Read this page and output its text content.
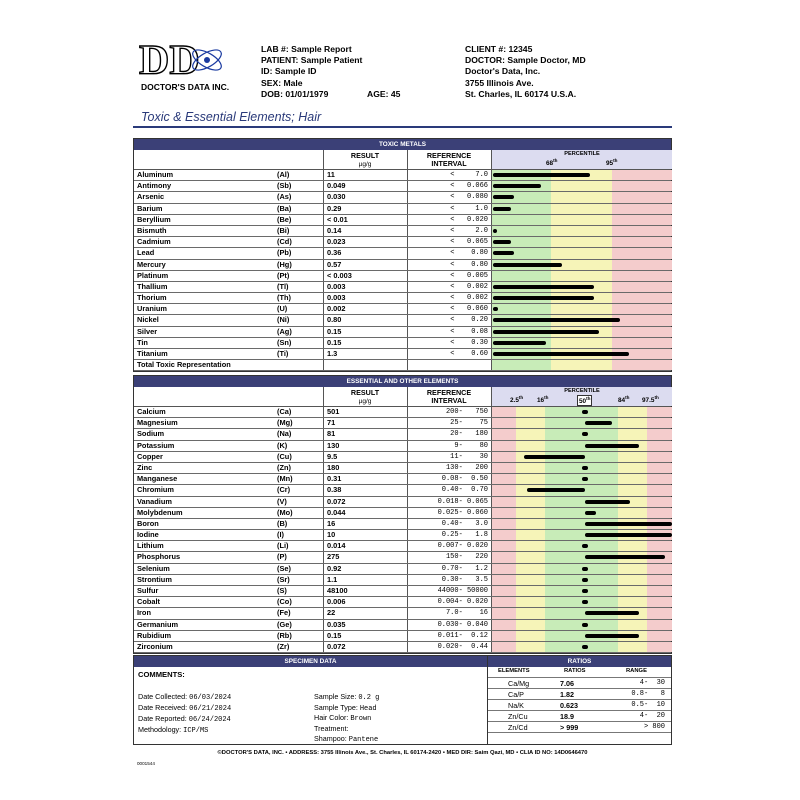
DD
DOCTOR'S DATA INC.
LAB #: Sample Report
PATIENT: Sample Patient
ID: Sample ID
SEX: Male
DOB: 01/01/1979	AGE: 45
CLIENT #: 12345
DOCTOR: Sample Doctor, MD
Doctor's Data, Inc.
3755 Illinois Ave.
St. Charles, IL 60174 U.S.A.
Toxic & Essential Elements; Hair
TOXIC METALS
RESULT
µg/g
REFERENCE
INTERVAL
PERCENTILE
68th	95th
Aluminum	(Al)	11	<     7.0
Antimony	(Sb)	0.049	<   0.066
Arsenic	(As)	0.030	<   0.080
Barium	(Ba)	0.29	<     1.0
Beryllium	(Be)	< 0.01	<   0.020
Bismuth	(Bi)	0.14	<     2.0
Cadmium	(Cd)	0.023	<   0.065
Lead	(Pb)	0.36	<    0.80
Mercury	(Hg)	0.57	<    0.80
Platinum	(Pt)	< 0.003	<   0.005
Thallium	(Tl)	0.003	<   0.002
Thorium	(Th)	0.003	<   0.002
Uranium	(U)	0.002	<   0.060
Nickel	(Ni)	0.80	<    0.20
Silver	(Ag)	0.15	<    0.08
Tin	(Sn)	0.15	<    0.30
Titanium	(Ti)	1.3	<    0.60
Total Toxic Representation
ESSENTIAL AND OTHER ELEMENTS
RESULT
µg/g
REFERENCE
INTERVAL
PERCENTILE
2.5th 16th
50th	84th 97.5th
Calcium	(Ca)	501	200-   750
Magnesium	(Mg)	71	25-    75
Sodium	(Na)	81	20-   180
Potassium	(K)	130	9-    80
Copper	(Cu)	9.5	11-    30
Zinc	(Zn)	180	130-   200
Manganese	(Mn)	0.31	0.08-  0.50
Chromium	(Cr)	0.38	0.40-  0.70
Vanadium	(V)	0.072	0.018- 0.065
Molybdenum	(Mo)	0.044	0.025- 0.060
Boron	(B)	16	0.40-   3.0
Iodine	(I)	10	0.25-   1.8
Lithium	(Li)	0.014	0.007- 0.020
Phosphorus	(P)	275	150-   220
Selenium	(Se)	0.92	0.70-   1.2
Strontium	(Sr)	1.1	0.30-   3.5
Sulfur	(S)	48100	44000- 50000
Cobalt	(Co)	0.006	0.004- 0.020
Iron	(Fe)	22	7.0-    16
Germanium	(Ge)	0.035	0.030- 0.040
Rubidium	(Rb)	0.15	0.011-  0.12
Zirconium	(Zr)	0.072	0.020-  0.44
SPECIMEN DATA
COMMENTS:
Date Collected: 06/03/2024
Date Received: 06/21/2024
Date Reported: 06/24/2024
Methodology: ICP/MS
Sample Size: 0.2 g
Sample Type: Head
Hair Color: Brown
Treatment:
Shampoo: Pantene
RATIOS
ELEMENTS	RATIOS	RANGE
Ca/Mg	7.06	4-  30
Ca/P	1.82	0.8-   8
Na/K	0.623	0.5-  10
Zn/Cu	18.9	4-  20
Zn/Cd	> 999	> 800
©DOCTOR'S DATA, INC. • ADDRESS: 3755 Illinois Ave., St. Charles, IL 60174-2420 • MED DIR: Saim Qazi, MD • CLIA ID NO: 14D0646470
0001544
